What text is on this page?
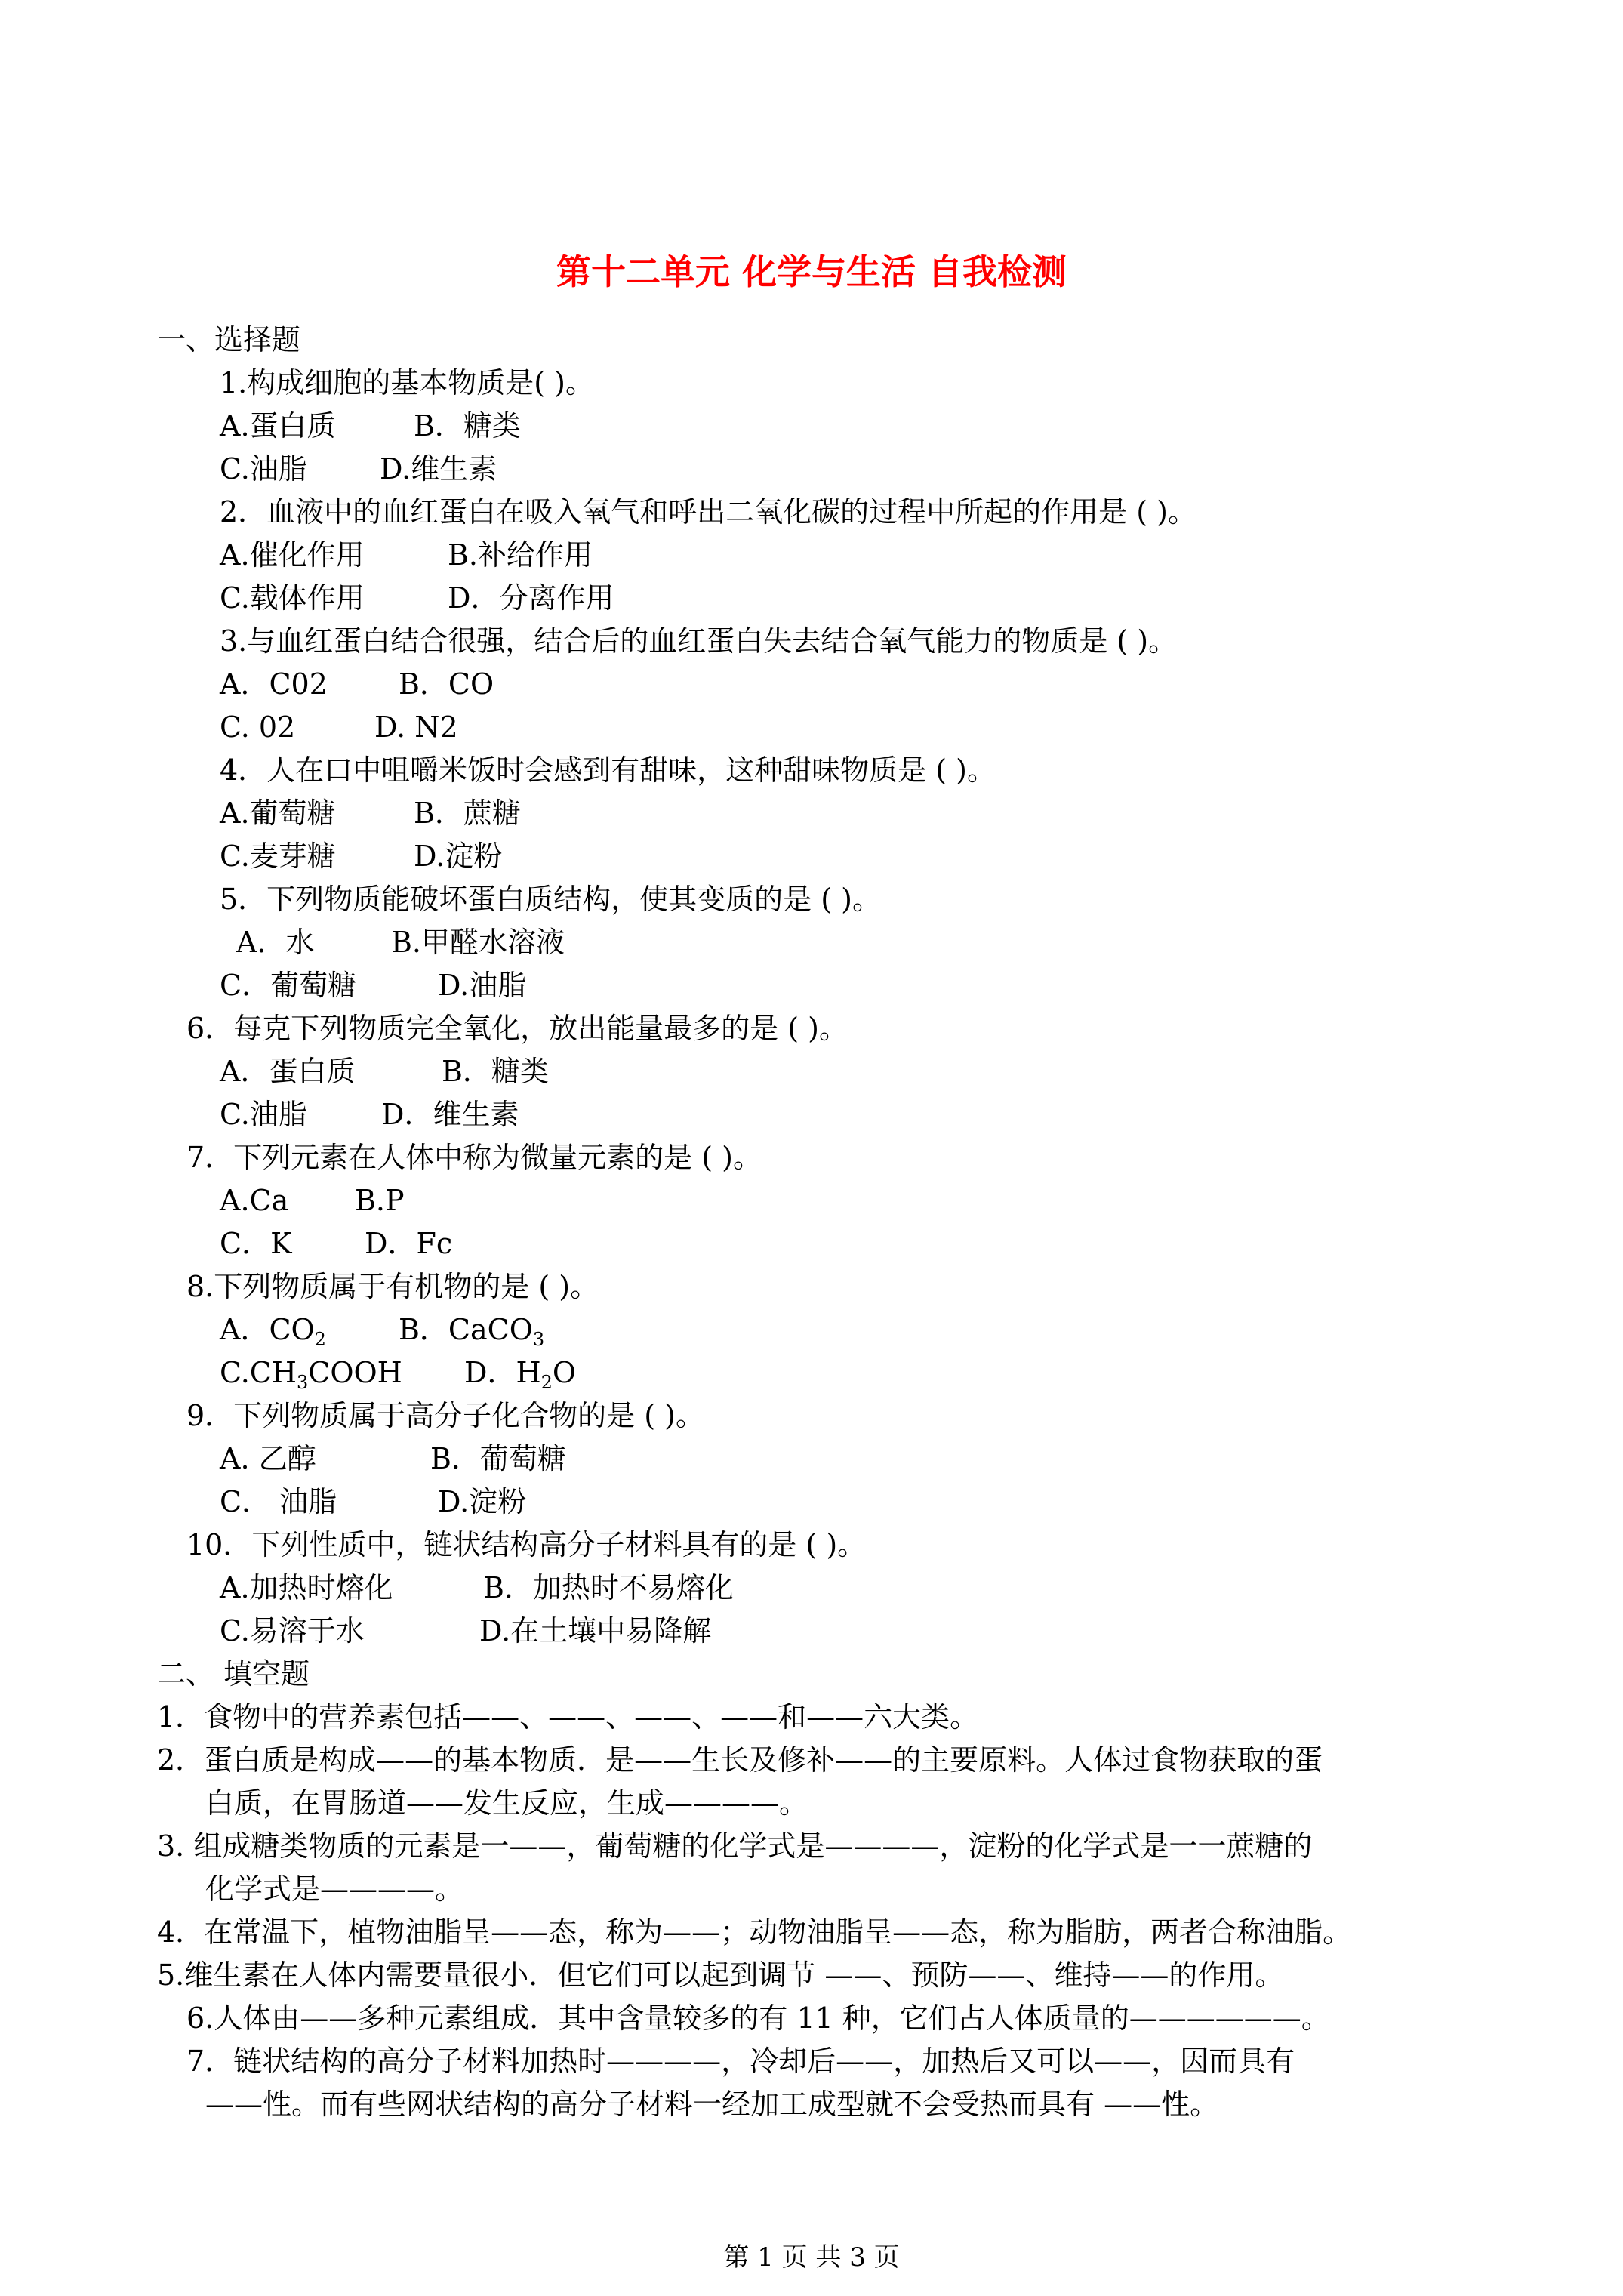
第十二单元 化学与生活 自我检测
一、选择题
1.构成细胞的基本物质是( )。
A.蛋白质	B．糖类
C.油脂	D.维生素
2．血液中的血红蛋白在吸入氧气和呼出二氧化碳的过程中所起的作用是 ( )。
A.催化作用	B.补给作用
C.载体作用	D．分离作用
3.与血红蛋白结合很强，结合后的血红蛋白失去结合氧气能力的物质是 ( )。
A．C02 B．CO
C. 02	D. N2
4．人在口中咀嚼米饭时会感到有甜味，这种甜味物质是 ( )。
A.葡萄糖	B．蔗糖
C.麦芽糖	D.淀粉
5．下列物质能破坏蛋白质结构，使其变质的是 ( )。
A．水	B.甲醛水溶液
C．葡萄糖	D.油脂
6．每克下列物质完全氧化，放出能量最多的是 ( )。
A．蛋白质	B．糖类
C.油脂	D．维生素
7．下列元素在人体中称为微量元素的是 ( )。
A.Ca B.P
C．K	D．Fc
8.下列物质属于有机物的是 ( )。
A．$CO_2$	B．CaCO$_3$
$C.CH_3COOH$ D．$H_2O$
9．下列物质属于高分子化合物的是 ( )。
A. 乙醇	B．葡萄糖
C． 油脂	D.淀粉
10．下列性质中，链状结构高分子材料具有的是 ( )。
A.加热时熔化	B．加热时不易熔化
C.易溶于水	D.在土壤中易降解
二、 填空题
1．食物中的营养素包括——、——、——、——和——六大类。
2．蛋白质是构成——的基本物质．是——生长及修补——的主要原料。人体过食物获取的蛋
白质，在胃肠道——发生反应，生成————。
3. 组成糖类物质的元素是一——，葡萄糖的化学式是————，淀粉的化学式是一一蔗糖的
化学式是————。
4．在常温下，植物油脂呈——态，称为——；动物油脂呈——态，称为脂肪，两者合称油脂。
5.维生素在人体内需要量很小．但它们可以起到调节 ——、预防——、维持——的作用。
6.人体由——多种元素组成．其中含量较多的有 11 种，它们占人体质量的——————。
7．链状结构的高分子材料加热时————，冷却后——，加热后又可以——，因而具有
——性。而有些网状结构的高分子材料一经加工成型就不会受热而具有 ——性。
第 1 页 共 3 页
